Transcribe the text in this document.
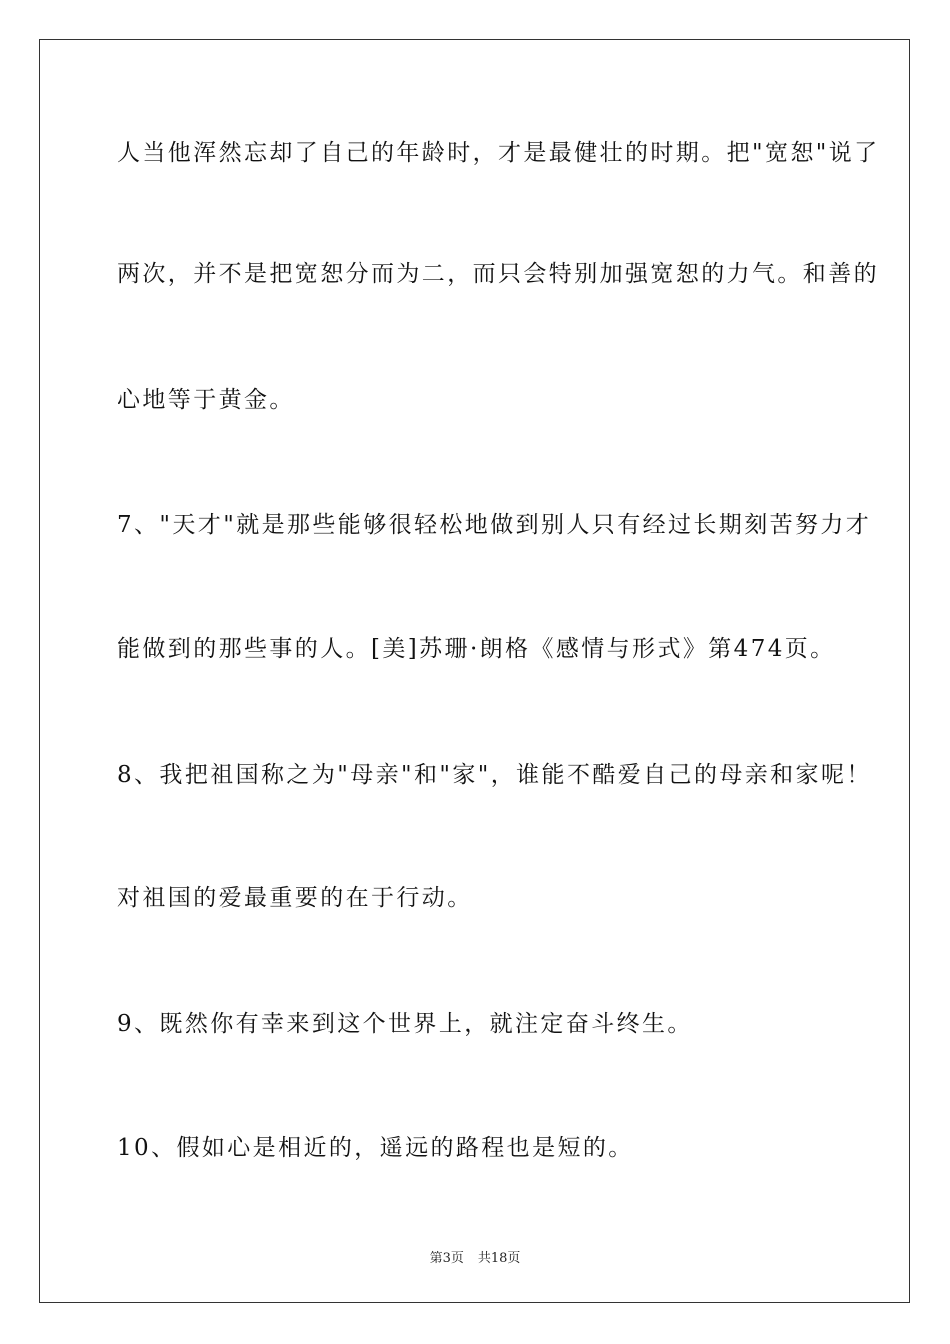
人当他浑然忘却了自己的年龄时，才是最健壮的时期。把"宽恕"说了
两次，并不是把宽恕分而为二，而只会特别加强宽恕的力气。和善的
心地等于黄金。
7、"天才"就是那些能够很轻松地做到别人只有经过长期刻苦努力才
能做到的那些事的人。[美]苏珊·朗格《感情与形式》第474页。
8、我把祖国称之为"母亲"和"家"，谁能不酷爱自己的母亲和家呢！
对祖国的爱最重要的在于行动。
9、既然你有幸来到这个世界上，就注定奋斗终生。
10、假如心是相近的，遥远的路程也是短的。
第3页 共18页
